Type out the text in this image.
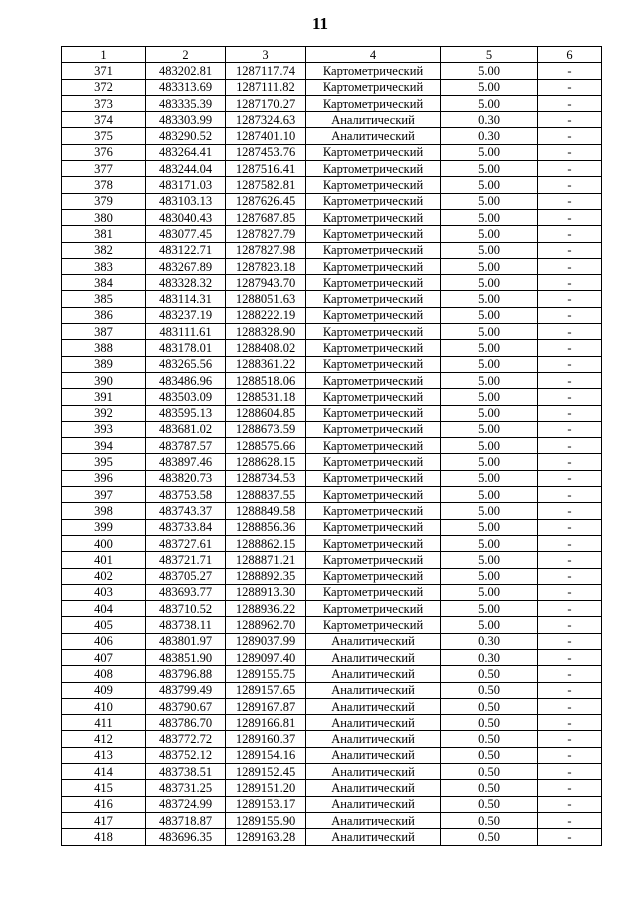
11
1	2	3	4	5	6
371	483202.81	1287117.74	Картометрический	5.00	-
372	483313.69	1287111.82	Картометрический	5.00	-
373	483335.39	1287170.27	Картометрический	5.00	-
374	483303.99	1287324.63	Аналитический	0.30	-
375	483290.52	1287401.10	Аналитический	0.30	-
376	483264.41	1287453.76	Картометрический	5.00	-
377	483244.04	1287516.41	Картометрический	5.00	-
378	483171.03	1287582.81	Картометрический	5.00	-
379	483103.13	1287626.45	Картометрический	5.00	-
380	483040.43	1287687.85	Картометрический	5.00	-
381	483077.45	1287827.79	Картометрический	5.00	-
382	483122.71	1287827.98	Картометрический	5.00	-
383	483267.89	1287823.18	Картометрический	5.00	-
384	483328.32	1287943.70	Картометрический	5.00	-
385	483114.31	1288051.63	Картометрический	5.00	-
386	483237.19	1288222.19	Картометрический	5.00	-
387	483111.61	1288328.90	Картометрический	5.00	-
388	483178.01	1288408.02	Картометрический	5.00	-
389	483265.56	1288361.22	Картометрический	5.00	-
390	483486.96	1288518.06	Картометрический	5.00	-
391	483503.09	1288531.18	Картометрический	5.00	-
392	483595.13	1288604.85	Картометрический	5.00	-
393	483681.02	1288673.59	Картометрический	5.00	-
394	483787.57	1288575.66	Картометрический	5.00	-
395	483897.46	1288628.15	Картометрический	5.00	-
396	483820.73	1288734.53	Картометрический	5.00	-
397	483753.58	1288837.55	Картометрический	5.00	-
398	483743.37	1288849.58	Картометрический	5.00	-
399	483733.84	1288856.36	Картометрический	5.00	-
400	483727.61	1288862.15	Картометрический	5.00	-
401	483721.71	1288871.21	Картометрический	5.00	-
402	483705.27	1288892.35	Картометрический	5.00	-
403	483693.77	1288913.30	Картометрический	5.00	-
404	483710.52	1288936.22	Картометрический	5.00	-
405	483738.11	1288962.70	Картометрический	5.00	-
406	483801.97	1289037.99	Аналитический	0.30	-
407	483851.90	1289097.40	Аналитический	0.30	-
408	483796.88	1289155.75	Аналитический	0.50	-
409	483799.49	1289157.65	Аналитический	0.50	-
410	483790.67	1289167.87	Аналитический	0.50	-
411	483786.70	1289166.81	Аналитический	0.50	-
412	483772.72	1289160.37	Аналитический	0.50	-
413	483752.12	1289154.16	Аналитический	0.50	-
414	483738.51	1289152.45	Аналитический	0.50	-
415	483731.25	1289151.20	Аналитический	0.50	-
416	483724.99	1289153.17	Аналитический	0.50	-
417	483718.87	1289155.90	Аналитический	0.50	-
418	483696.35	1289163.28	Аналитический	0.50	-
